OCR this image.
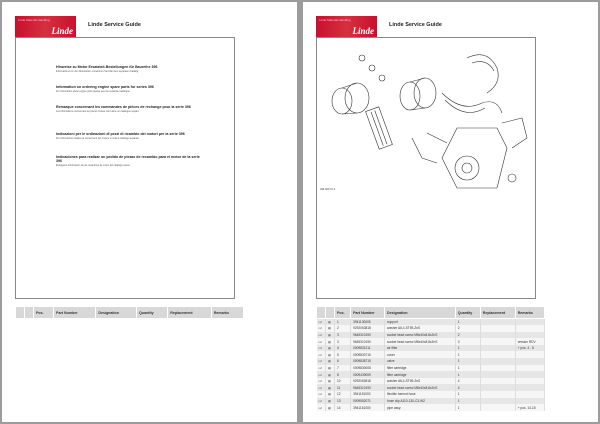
Linde Material Handling
Linde
Linde Service Guide
Hinweise zu Motor Ersatzteil-Bestellungen für Baureihe 396
Informationen zu den Motorteilen entnehmen Sie bitte dem separaten Katalog
Information on ordering engine spare parts for series 396
For information about engine parts please see the separate catalogue
Remarque concernant les commandes de pièces de rechange pour la série 396
Les informations concernant les pièces moteur sont dans un catalogue séparé
Indicazioni per le ordinazioni di pezzi di ricambio dei motori per la serie 396
Per informazioni relative ai componenti del motore si veda il catalogo separato
Indicaciones para realizar un pedido de piezas de recambio para el motor de la serie 396
Extraiga la información de los recambios de motor del catálogo anexo
		Pos.	Part Number	Designation	Quantity	Replacement	Remarks
Linde Material Handling
Linde
Linde Service Guide
396 000 01 0
		Pos.	Part Number	Designation	Quantity	Replacement	Remarks
ref	▦	1	3941130605	support	1		
ref	▦	2	9292063818	washer A6,4-ST59-ZnS	2		
ref	▦	3	9645310190	socket head screw M8x40x8.8xZnS	2		
ref	▦	3	9645310190	socket head screw M8x40x8.8xZnS	3		version RDV
ref	▦	4	0009831211	air filter	1		+ pos. 4 - 8
ref	▦	5	0009830715	cover	1		
ref	▦	6	0009838715	valve	1		
ref	▦	7	0009830008	filter cartridge	1		
ref	▦	8	0009439009	filter cartridge	1		
ref	▦	10	9292063818	washer A6,4-ST59-ZnS	4		
ref	▦	11	9645310190	socket head screw M8x40x8.8xZnS	4		
ref	▦	12	3941151000	flexible formed hose	1		
ref	▦	13	0009552071	hose clip A110-130-C3-W2	1		
ref	▦	14	3941161000	pipe assy.	1		+ pos. 14-15
